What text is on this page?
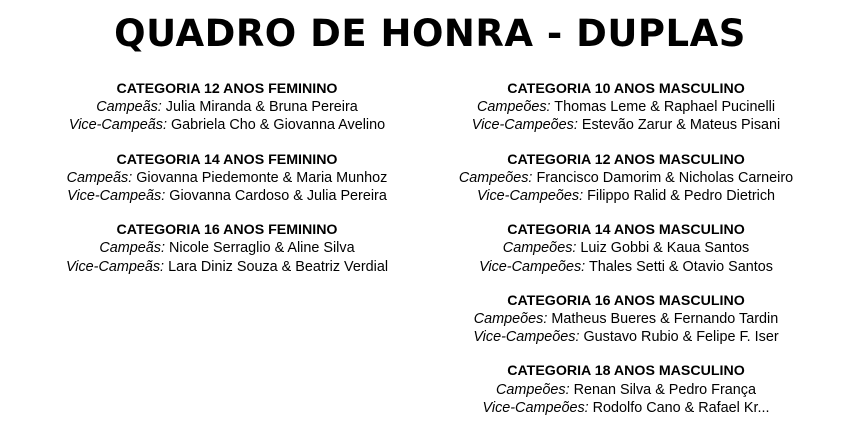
QUADRO DE HONRA - DUPLAS
CATEGORIA 12 ANOS FEMININO
Campeãs: Julia Miranda & Bruna Pereira
Vice-Campeãs: Gabriela Cho & Giovanna Avelino
CATEGORIA 14 ANOS FEMININO
Campeãs: Giovanna Piedemonte & Maria Munhoz
Vice-Campeãs: Giovanna Cardoso & Julia Pereira
CATEGORIA 16 ANOS FEMININO
Campeãs: Nicole Serraglio & Aline Silva
Vice-Campeãs: Lara Diniz Souza & Beatriz Verdial
CATEGORIA 10 ANOS MASCULINO
Campeões: Thomas Leme & Raphael Pucinelli
Vice-Campeões: Estevão Zarur & Mateus Pisani
CATEGORIA 12 ANOS MASCULINO
Campeões: Francisco Damorim & Nicholas Carneiro
Vice-Campeões: Filippo Ralid & Pedro Dietrich
CATEGORIA 14 ANOS MASCULINO
Campeões: Luiz Gobbi & Kaua Santos
Vice-Campeões: Thales Setti & Otavio Santos
CATEGORIA 16 ANOS MASCULINO
Campeões: Matheus Bueres & Fernando Tardin
Vice-Campeões: Gustavo Rubio & Felipe F. Iser
CATEGORIA 18 ANOS MASCULINO
Campeões: Renan Silva & Pedro França
Vice-Campeões: Rodolfo Cano & Rafael Kr...
